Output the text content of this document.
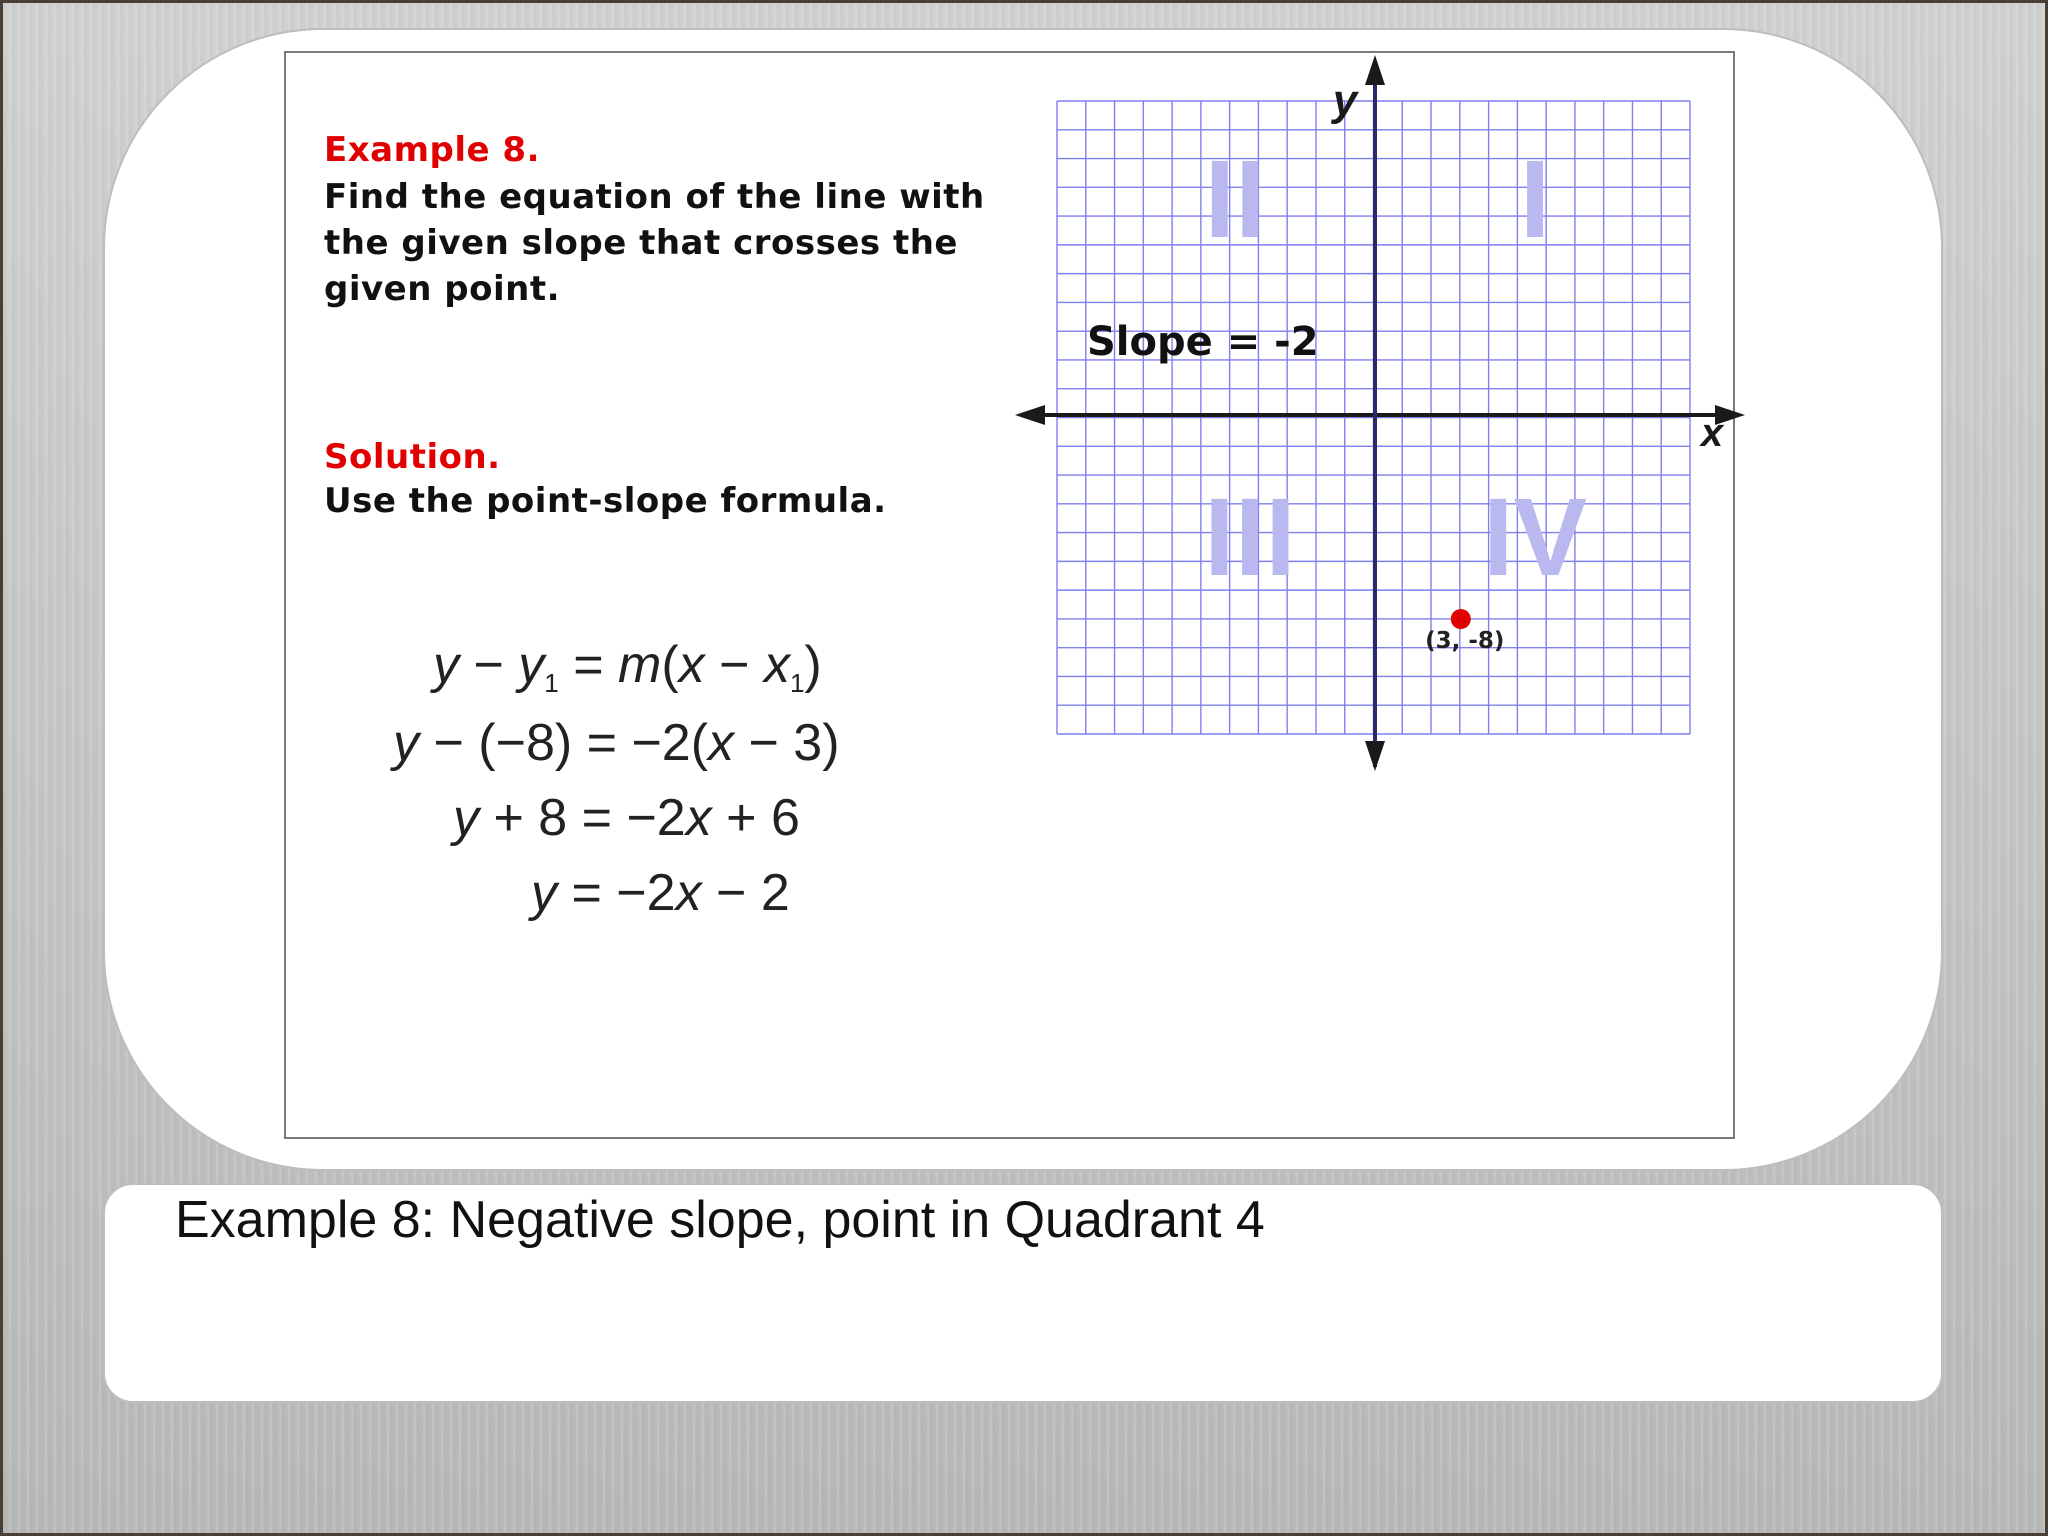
Example 8.
Find the equation of the line with
the given slope that crosses the
given point.
Solution.
Use the point-slope formula.
$y - y_1 = m(x - x_1)$
y − (−8) = −2(x − 3)
y + 8 = −2x + 6
y = −2x − 2
I
II
III IV
x
y
Slope = -2
(3, -8)
Example 8: Negative slope, point in Quadrant 4
